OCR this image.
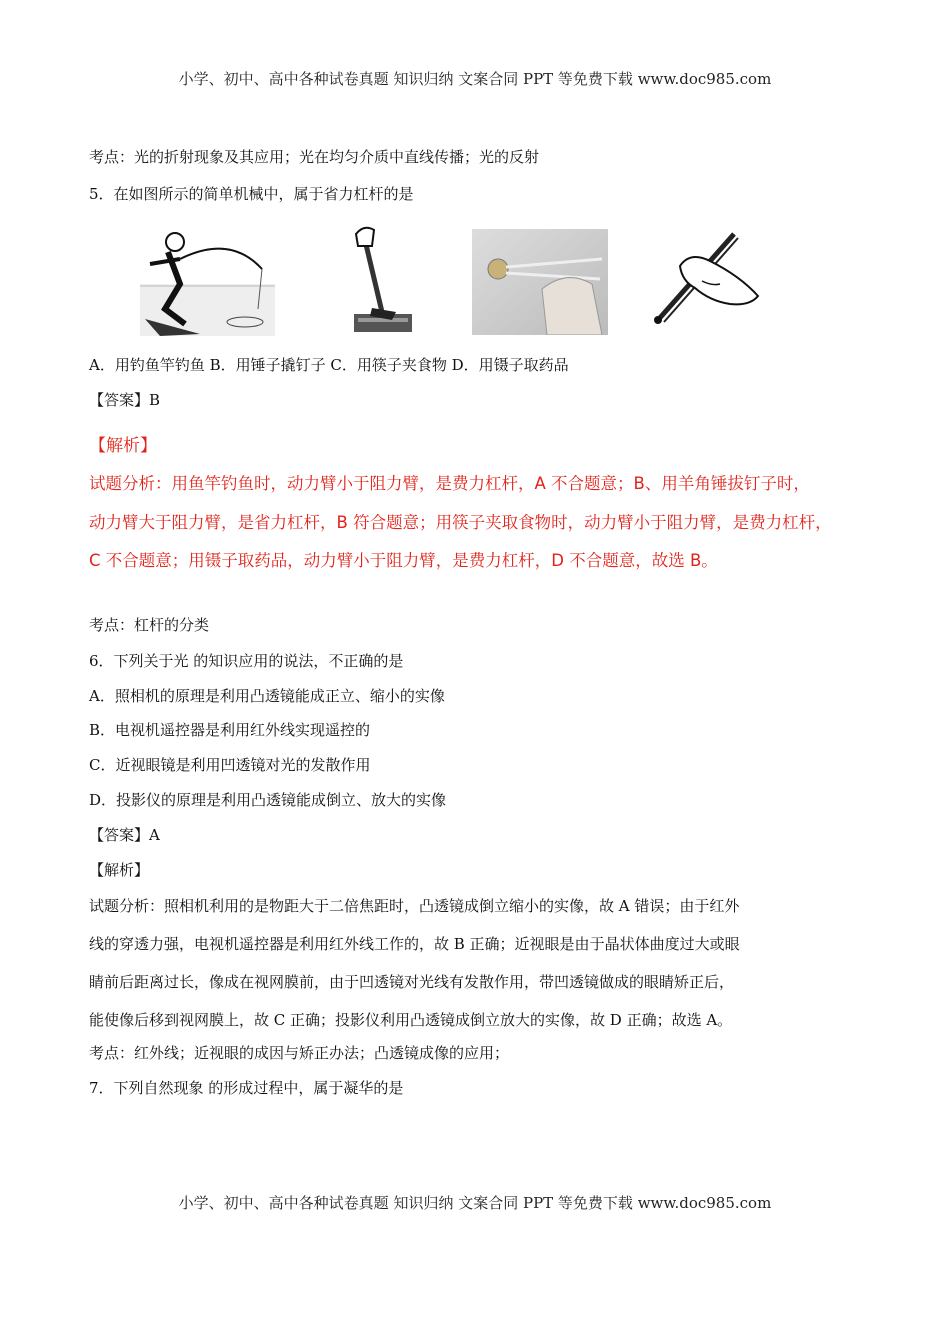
小学、初中、高中各种试卷真题 知识归纳 文案合同 PPT 等免费下载 www.doc985.com
考点：光的折射现象及其应用；光在均匀介质中直线传播；光的反射
5．在如图所示的简单机械中，属于省力杠杆的是
A．用钓鱼竿钓鱼 B．用锤子撬钉子 C．用筷子夹食物 D．用镊子取药品
【答案】B
【解析】
试题分析：用鱼竿钓鱼时，动力臂小于阻力臂，是费力杠杆，A 不合题意；B、用羊角锤拔钉子时，
动力臂大于阻力臂，是省力杠杆，B 符合题意；用筷子夹取食物时，动力臂小于阻力臂，是费力杠杆，
C 不合题意；用镊子取药品，动力臂小于阻力臂，是费力杠杆，D 不合题意，故选 B。
考点：杠杆的分类
6．下列关于光 的知识应用的说法，不正确的是
A．照相机的原理是利用凸透镜能成正立、缩小的实像
B．电视机遥控器是利用红外线实现遥控的
C．近视眼镜是利用凹透镜对光的发散作用
D．投影仪的原理是利用凸透镜能成倒立、放大的实像
【答案】A
【解析】
试题分析：照相机利用的是物距大于二倍焦距时，凸透镜成倒立缩小的实像，故 A 错误；由于红外
线的穿透力强，电视机遥控器是利用红外线工作的，故 B 正确；近视眼是由于晶状体曲度过大或眼
睛前后距离过长，像成在视网膜前，由于凹透镜对光线有发散作用，带凹透镜做成的眼睛矫正后，
能使像后移到视网膜上，故 C 正确；投影仪利用凸透镜成倒立放大的实像，故 D 正确；故选 A。
考点：红外线；近视眼的成因与矫正办法；凸透镜成像的应用；
7．下列自然现象 的形成过程中，属于凝华的是
小学、初中、高中各种试卷真题 知识归纳 文案合同 PPT 等免费下载 www.doc985.com
